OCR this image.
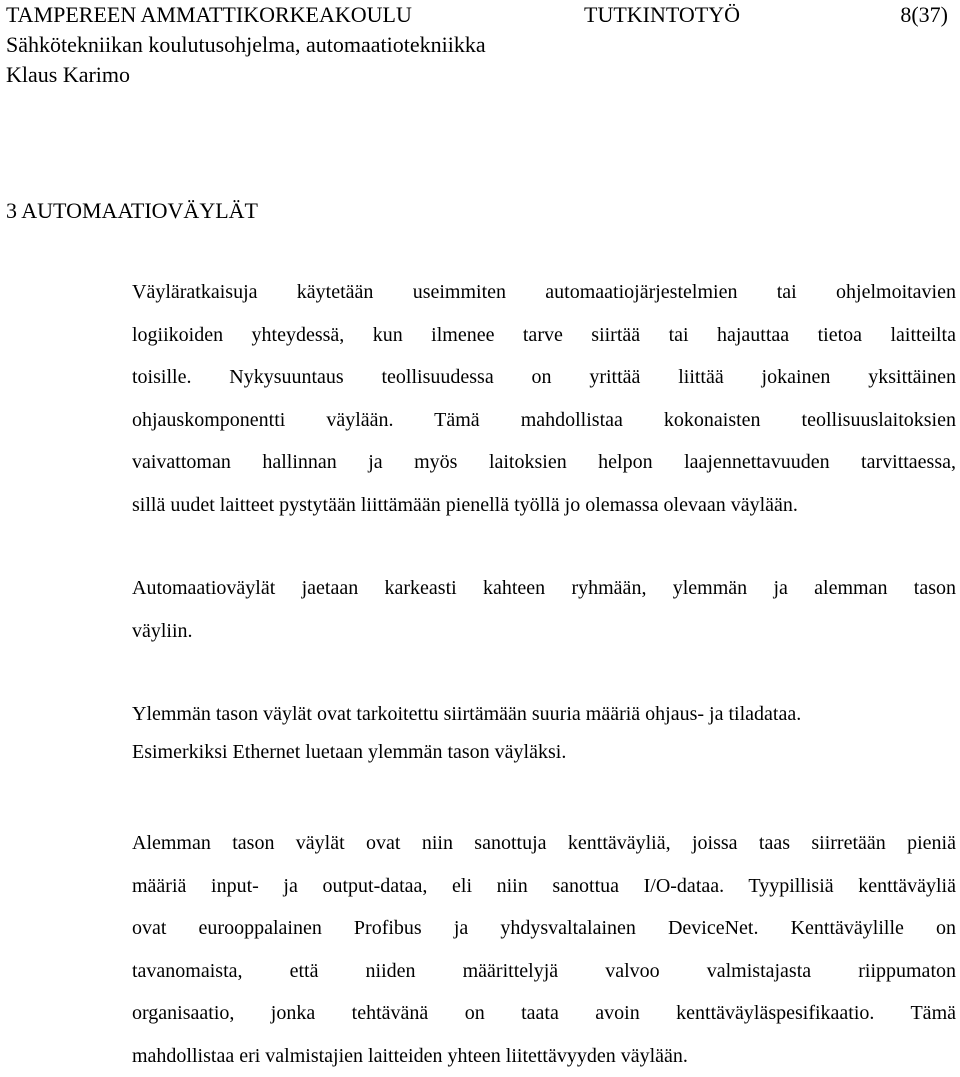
TAMPEREEN AMMATTIKORKEAKOULU	TUTKINTOTYÖ	8(37)
Sähkötekniikan koulutusohjelma, automaatiotekniikka
Klaus Karimo
3 AUTOMAATIOVÄYLÄT
Väyläratkaisuja käytetään useimmiten automaatiojärjestelmien tai ohjelmoitavien
logiikoiden yhteydessä, kun ilmenee tarve siirtää tai hajauttaa tietoa laitteilta
toisille. Nykysuuntaus teollisuudessa on yrittää liittää jokainen yksittäinen
ohjauskomponentti väylään. Tämä mahdollistaa kokonaisten teollisuuslaitoksien
vaivattoman hallinnan ja myös laitoksien helpon laajennettavuuden tarvittaessa,
sillä uudet laitteet pystytään liittämään pienellä työllä jo olemassa olevaan väylään.
Automaatioväylät jaetaan karkeasti kahteen ryhmään, ylemmän ja alemman tason
väyliin.
Ylemmän tason väylät ovat tarkoitettu siirtämään suuria määriä ohjaus- ja tiladataa.
Esimerkiksi Ethernet luetaan ylemmän tason väyläksi.
Alemman tason väylät ovat niin sanottuja kenttäväyliä, joissa taas siirretään pieniä
määriä input- ja output-dataa, eli niin sanottua I/O-dataa. Tyypillisiä kenttäväyliä
ovat eurooppalainen Profibus ja yhdysvaltalainen DeviceNet. Kenttäväylille on
tavanomaista, että niiden määrittelyjä valvoo valmistajasta riippumaton
organisaatio, jonka tehtävänä on taata avoin kenttäväyläspesifikaatio. Tämä
mahdollistaa eri valmistajien laitteiden yhteen liitettävyyden väylään.
